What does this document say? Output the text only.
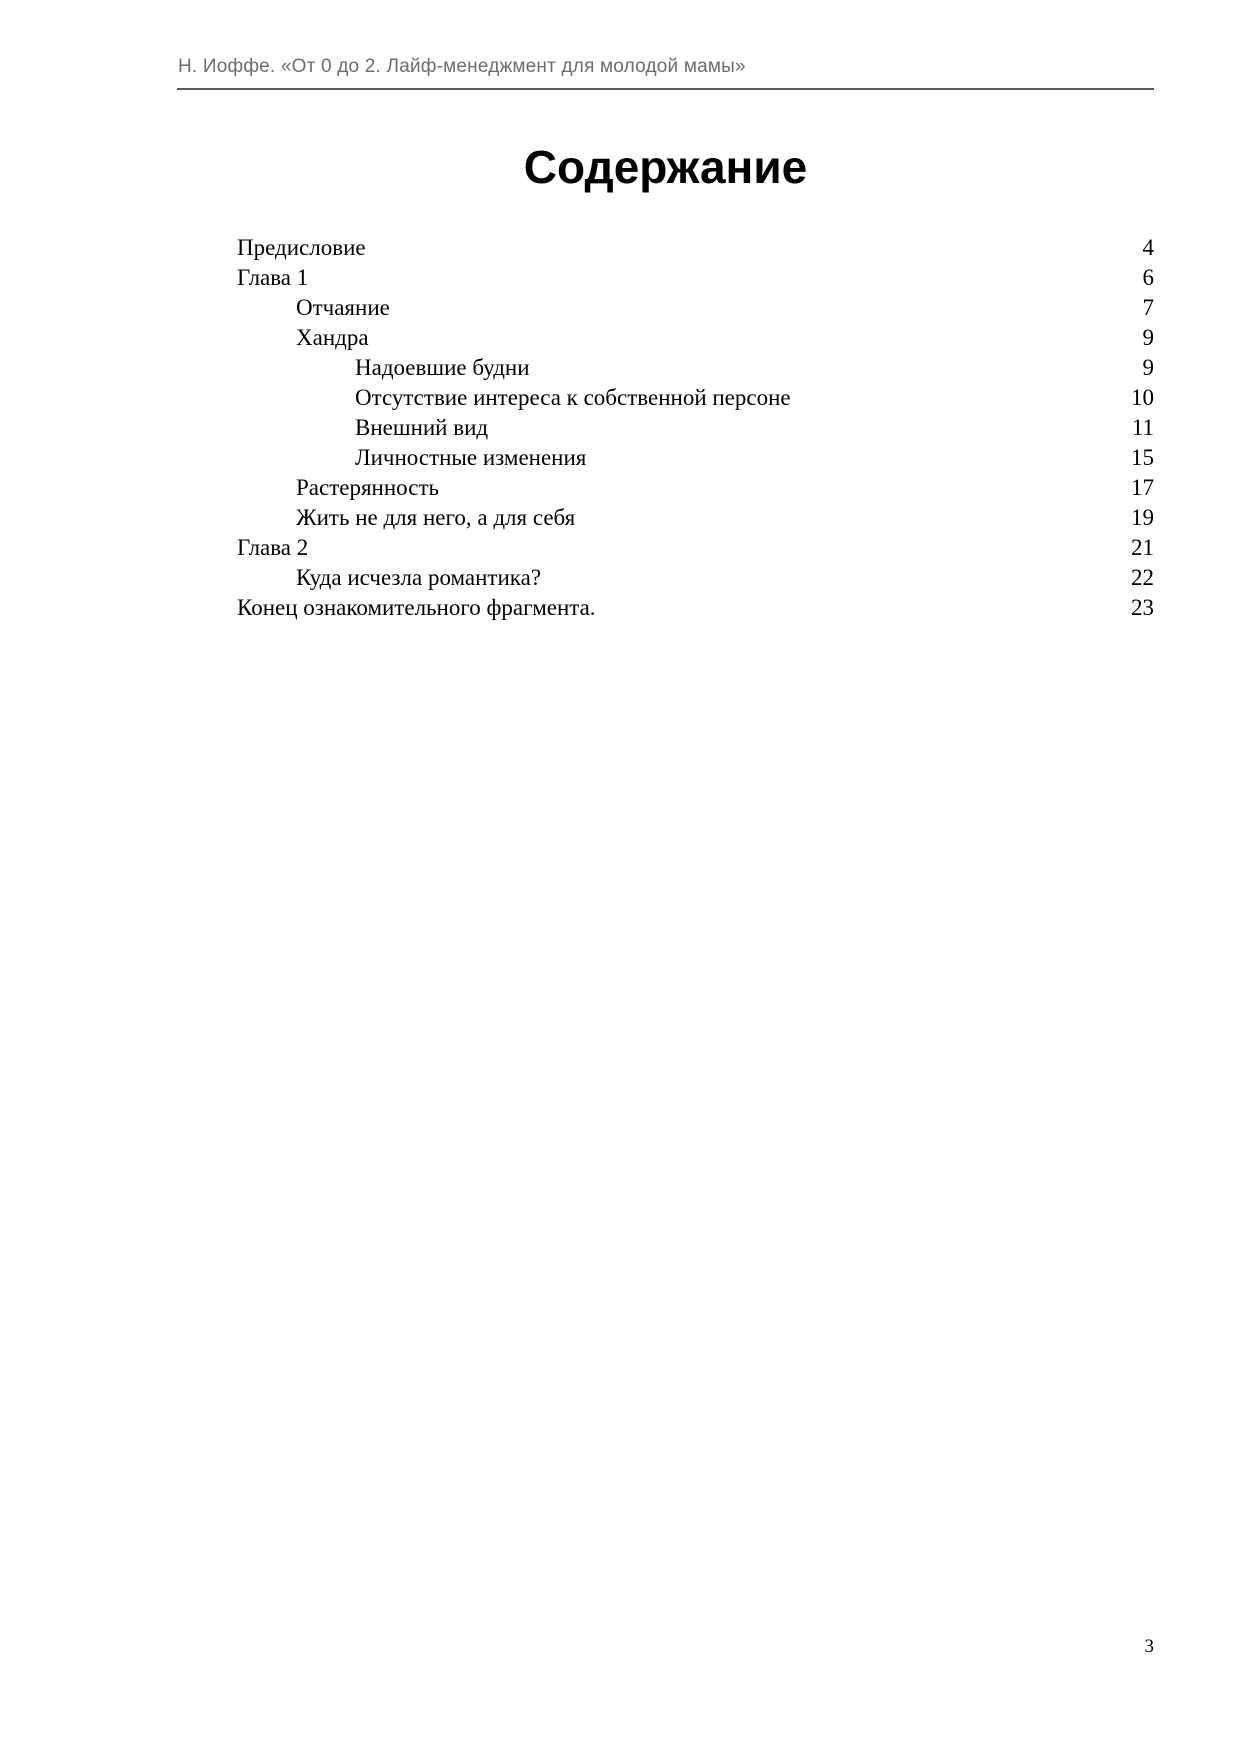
Н. Иоффе. «От 0 до 2. Лайф-менеджмент для молодой мамы»
Содержание
Предисловие	4
Глава 1	6
Отчаяние	7
Хандра	9
Надоевшие будни	9
Отсутствие интереса к собственной персоне	10
Внешний вид	11
Личностные изменения	15
Растерянность	17
Жить не для него, а для себя	19
Глава 2	21
Куда исчезла романтика?	22
Конец ознакомительного фрагмента.	23
3
